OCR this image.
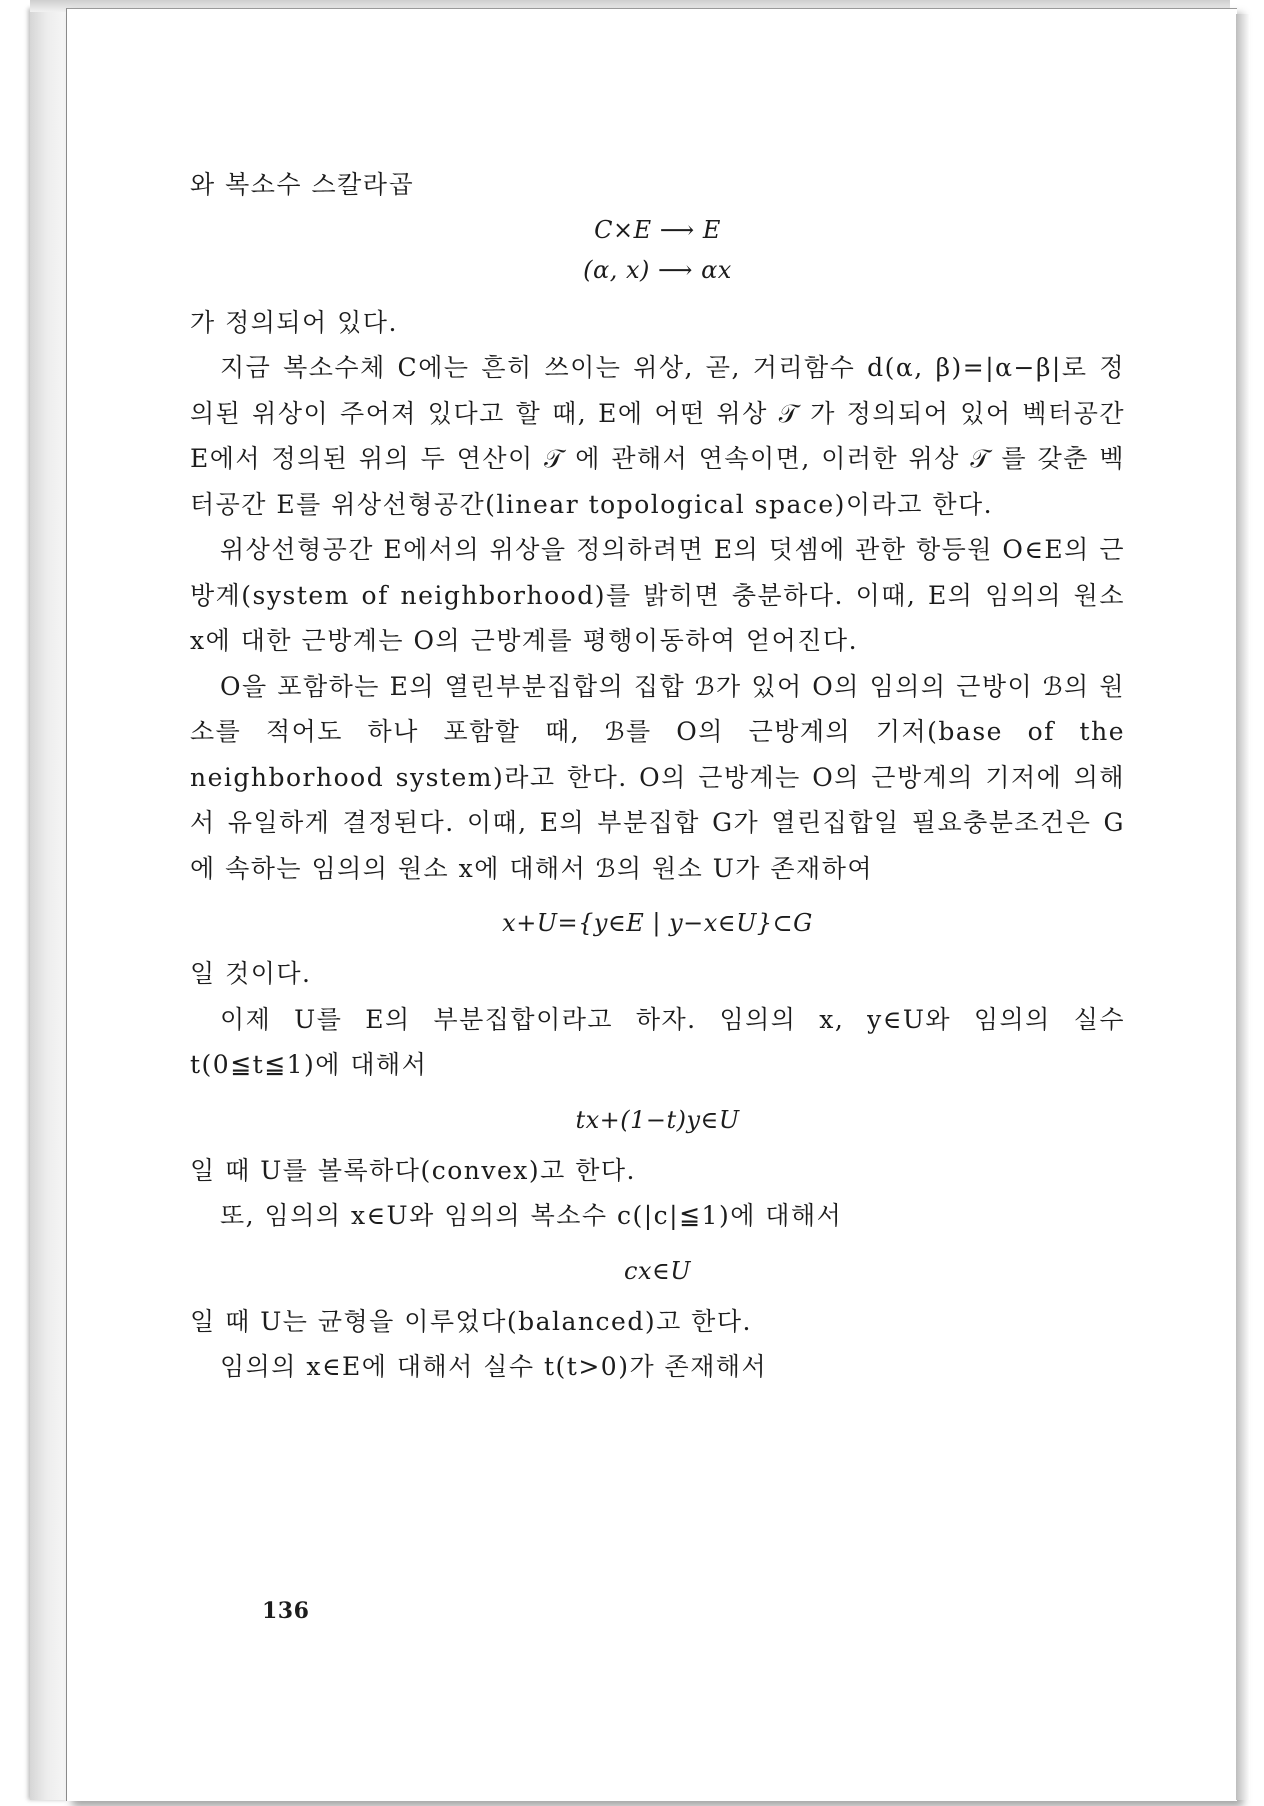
와 복소수 스칼라곱

C×E ⟶ E
(α, x) ⟶ αx

가 정의되어 있다.

지금 복소수체 C에는 흔히 쓰이는 위상, 곧, 거리함수 d(α, β)=|α−β|로 정의된 위상이 주어져 있다고 할 때, E에 어떤 위상 𝒯 가 정의되어 있어 벡터공간 E에서 정의된 위의 두 연산이 𝒯 에 관해서 연속이면, 이러한 위상 𝒯 를 갖춘 벡터공간 E를 위상선형공간(linear topological space)이라고 한다.

위상선형공간 E에서의 위상을 정의하려면 E의 덧셈에 관한 항등원 O∈E의 근방계(system of neighborhood)를 밝히면 충분하다. 이때, E의 임의의 원소 x에 대한 근방계는 O의 근방계를 평행이동하여 얻어진다.

O을 포함하는 E의 열린부분집합의 집합 ℬ가 있어 O의 임의의 근방이 ℬ의 원소를 적어도 하나 포함할 때, ℬ를 O의 근방계의 기저(base of the neighborhood system)라고 한다. O의 근방계는 O의 근방계의 기저에 의해서 유일하게 결정된다. 이때, E의 부분집합 G가 열린집합일 필요충분조건은 G에 속하는 임의의 원소 x에 대해서 ℬ의 원소 U가 존재하여

x+U={y∈E | y−x∈U}⊂G

일 것이다.

이제 U를 E의 부분집합이라고 하자. 임의의 x, y∈U와 임의의 실수 t(0≦t≦1)에 대해서

tx+(1−t)y∈U

일 때 U를 볼록하다(convex)고 한다.

또, 임의의 x∈U와 임의의 복소수 c(|c|≦1)에 대해서

cx∈U

일 때 U는 균형을 이루었다(balanced)고 한다.

임의의 x∈E에 대해서 실수 t(t>0)가 존재해서

136
